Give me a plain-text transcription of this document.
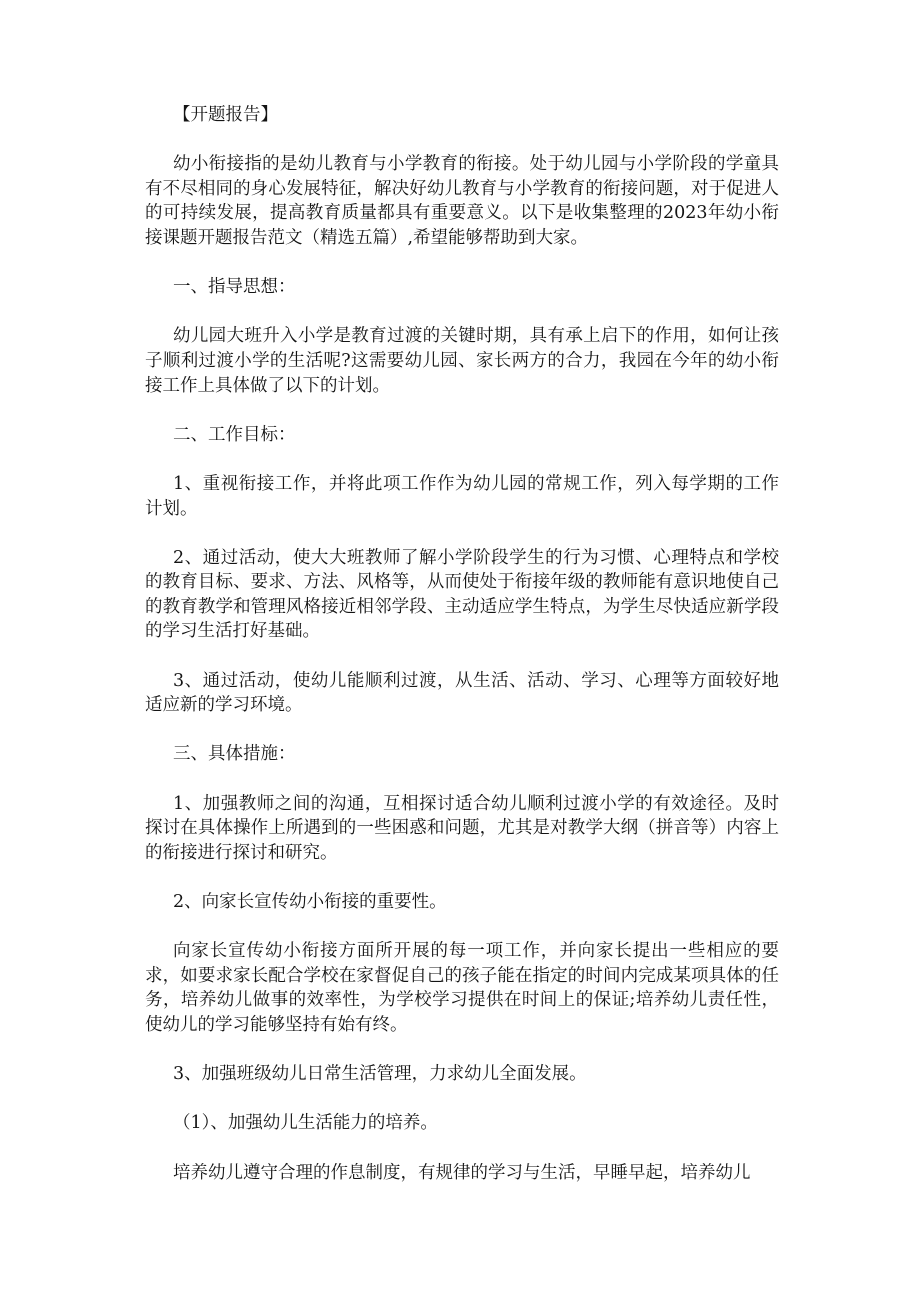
【开题报告】

幼小衔接指的是幼儿教育与小学教育的衔接。处于幼儿园与小学阶段的学童具有不尽相同的身心发展特征，解决好幼儿教育与小学教育的衔接问题，对于促进人的可持续发展，提高教育质量都具有重要意义。以下是收集整理的2023年幼小衔接课题开题报告范文（精选五篇）,希望能够帮助到大家。

一、指导思想：

幼儿园大班升入小学是教育过渡的关键时期，具有承上启下的作用，如何让孩子顺利过渡小学的生活呢?这需要幼儿园、家长两方的合力，我园在今年的幼小衔接工作上具体做了以下的计划。

二、工作目标：

1、重视衔接工作，并将此项工作作为幼儿园的常规工作，列入每学期的工作计划。

2、通过活动，使大大班教师了解小学阶段学生的行为习惯、心理特点和学校的教育目标、要求、方法、风格等，从而使处于衔接年级的教师能有意识地使自己的教育教学和管理风格接近相邻学段、主动适应学生特点，为学生尽快适应新学段的学习生活打好基础。

3、通过活动，使幼儿能顺利过渡，从生活、活动、学习、心理等方面较好地适应新的学习环境。

三、具体措施：

1、加强教师之间的沟通，互相探讨适合幼儿顺利过渡小学的有效途径。及时探讨在具体操作上所遇到的一些困惑和问题，尤其是对教学大纲（拼音等）内容上的衔接进行探讨和研究。

2、向家长宣传幼小衔接的重要性。

向家长宣传幼小衔接方面所开展的每一项工作，并向家长提出一些相应的要求，如要求家长配合学校在家督促自己的孩子能在指定的时间内完成某项具体的任务，培养幼儿做事的效率性，为学校学习提供在时间上的保证;培养幼儿责任性，使幼儿的学习能够坚持有始有终。

3、加强班级幼儿日常生活管理，力求幼儿全面发展。

（1）、加强幼儿生活能力的培养。

培养幼儿遵守合理的作息制度，有规律的学习与生活，早睡早起，培养幼儿
